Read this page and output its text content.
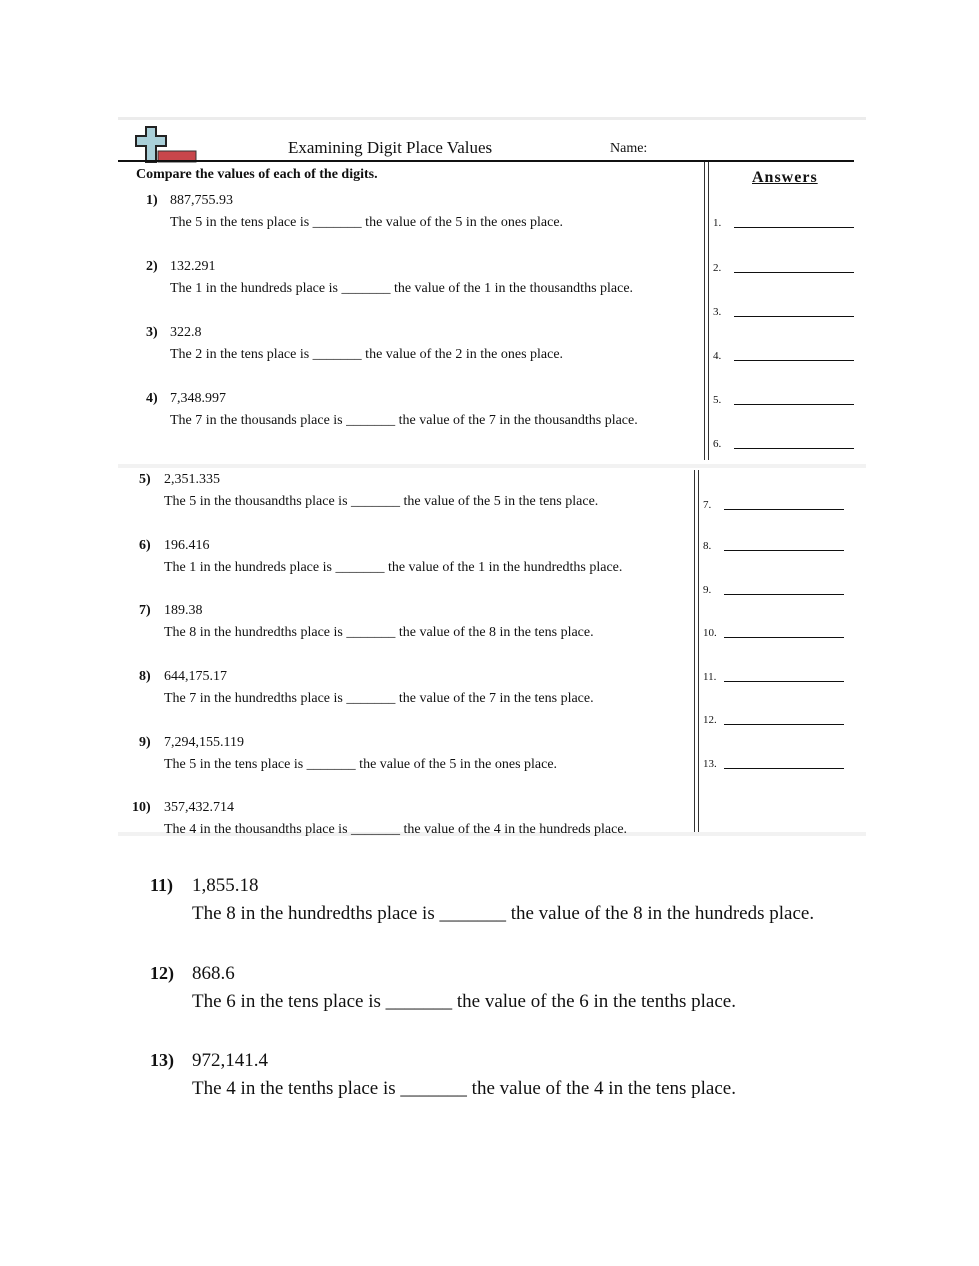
Examining Digit Place Values	Name:
Compare the values of each of the digits.	Answers
1) 887,755.93
The 5 in the tens place is _______ the value of the 5 in the ones place.
2) 132.291
The 1 in the hundreds place is _______ the value of the 1 in the thousandths place.
3) 322.8
The 2 in the tens place is _______ the value of the 2 in the ones place.
4) 7,348.997
The 7 in the thousands place is _______ the value of the 7 in the thousandths place.
5) 2,351.335
The 5 in the thousandths place is _______ the value of the 5 in the tens place.
6) 196.416
The 1 in the hundreds place is _______ the value of the 1 in the hundredths place.
7) 189.38
The 8 in the hundredths place is _______ the value of the 8 in the tens place.
8) 644,175.17
The 7 in the hundredths place is _______ the value of the 7 in the tens place.
9) 7,294,155.119
The 5 in the tens place is _______ the value of the 5 in the ones place.
10) 357,432.714
The 4 in the thousandths place is _______ the value of the 4 in the hundreds place.
11) 1,855.18
The 8 in the hundredths place is _______ the value of the 8 in the hundreds place.
12) 868.6
The 6 in the tens place is _______ the value of the 6 in the tenths place.
13) 972,141.4
The 4 in the tenths place is _______ the value of the 4 in the tens place.
1.
2.
3.
4.
5.
6.
7.
8.
9.
10.
11.
12.
13.
